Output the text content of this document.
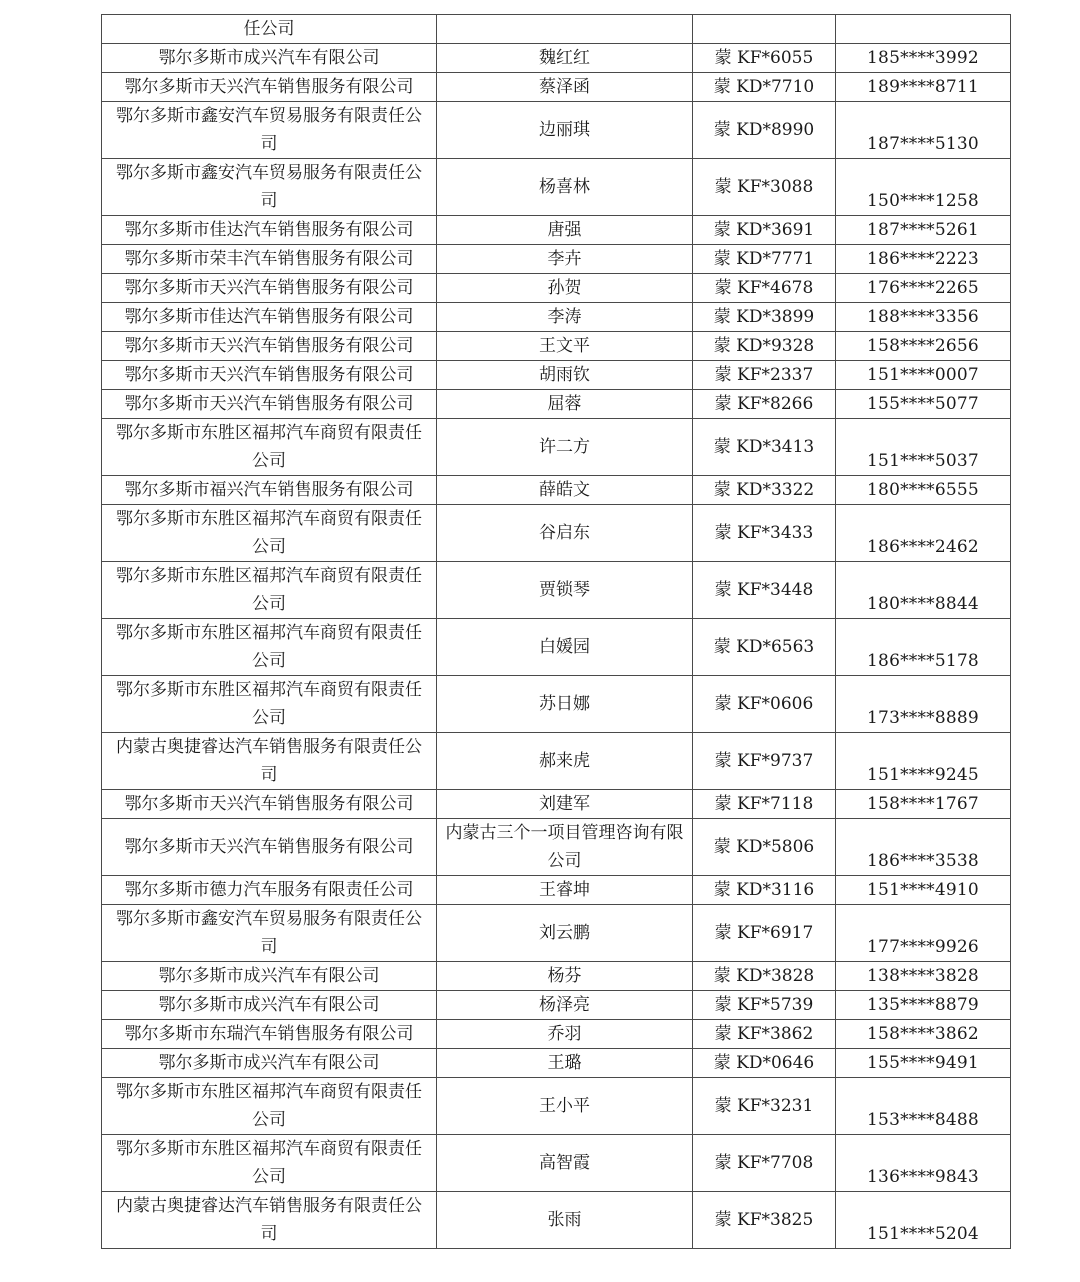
任公司			
鄂尔多斯市成兴汽车有限公司	魏红红	蒙 KF*6055	185****3992
鄂尔多斯市天兴汽车销售服务有限公司	蔡泽函	蒙 KD*7710	189****8711
鄂尔多斯市鑫安汽车贸易服务有限责任公司	边丽琪	蒙 KD*8990	187****5130
鄂尔多斯市鑫安汽车贸易服务有限责任公司	杨喜林	蒙 KF*3088	150****1258
鄂尔多斯市佳达汽车销售服务有限公司	唐强	蒙 KD*3691	187****5261
鄂尔多斯市荣丰汽车销售服务有限公司	李卉	蒙 KD*7771	186****2223
鄂尔多斯市天兴汽车销售服务有限公司	孙贺	蒙 KF*4678	176****2265
鄂尔多斯市佳达汽车销售服务有限公司	李涛	蒙 KD*3899	188****3356
鄂尔多斯市天兴汽车销售服务有限公司	王文平	蒙 KD*9328	158****2656
鄂尔多斯市天兴汽车销售服务有限公司	胡雨钦	蒙 KF*2337	151****0007
鄂尔多斯市天兴汽车销售服务有限公司	屈蓉	蒙 KF*8266	155****5077
鄂尔多斯市东胜区福邦汽车商贸有限责任公司	许二方	蒙 KD*3413	151****5037
鄂尔多斯市福兴汽车销售服务有限公司	薛皓文	蒙 KD*3322	180****6555
鄂尔多斯市东胜区福邦汽车商贸有限责任公司	谷启东	蒙 KF*3433	186****2462
鄂尔多斯市东胜区福邦汽车商贸有限责任公司	贾锁琴	蒙 KF*3448	180****8844
鄂尔多斯市东胜区福邦汽车商贸有限责任公司	白媛园	蒙 KD*6563	186****5178
鄂尔多斯市东胜区福邦汽车商贸有限责任公司	苏日娜	蒙 KF*0606	173****8889
内蒙古奥捷睿达汽车销售服务有限责任公司	郝来虎	蒙 KF*9737	151****9245
鄂尔多斯市天兴汽车销售服务有限公司	刘建军	蒙 KF*7118	158****1767
鄂尔多斯市天兴汽车销售服务有限公司	内蒙古三个一项目管理咨询有限公司	蒙 KD*5806	186****3538
鄂尔多斯市德力汽车服务有限责任公司	王睿坤	蒙 KD*3116	151****4910
鄂尔多斯市鑫安汽车贸易服务有限责任公司	刘云鹏	蒙 KF*6917	177****9926
鄂尔多斯市成兴汽车有限公司	杨芬	蒙 KD*3828	138****3828
鄂尔多斯市成兴汽车有限公司	杨泽亮	蒙 KF*5739	135****8879
鄂尔多斯市东瑞汽车销售服务有限公司	乔羽	蒙 KF*3862	158****3862
鄂尔多斯市成兴汽车有限公司	王璐	蒙 KD*0646	155****9491
鄂尔多斯市东胜区福邦汽车商贸有限责任公司	王小平	蒙 KF*3231	153****8488
鄂尔多斯市东胜区福邦汽车商贸有限责任公司	高智霞	蒙 KF*7708	136****9843
内蒙古奥捷睿达汽车销售服务有限责任公司	张雨	蒙 KF*3825	151****5204
